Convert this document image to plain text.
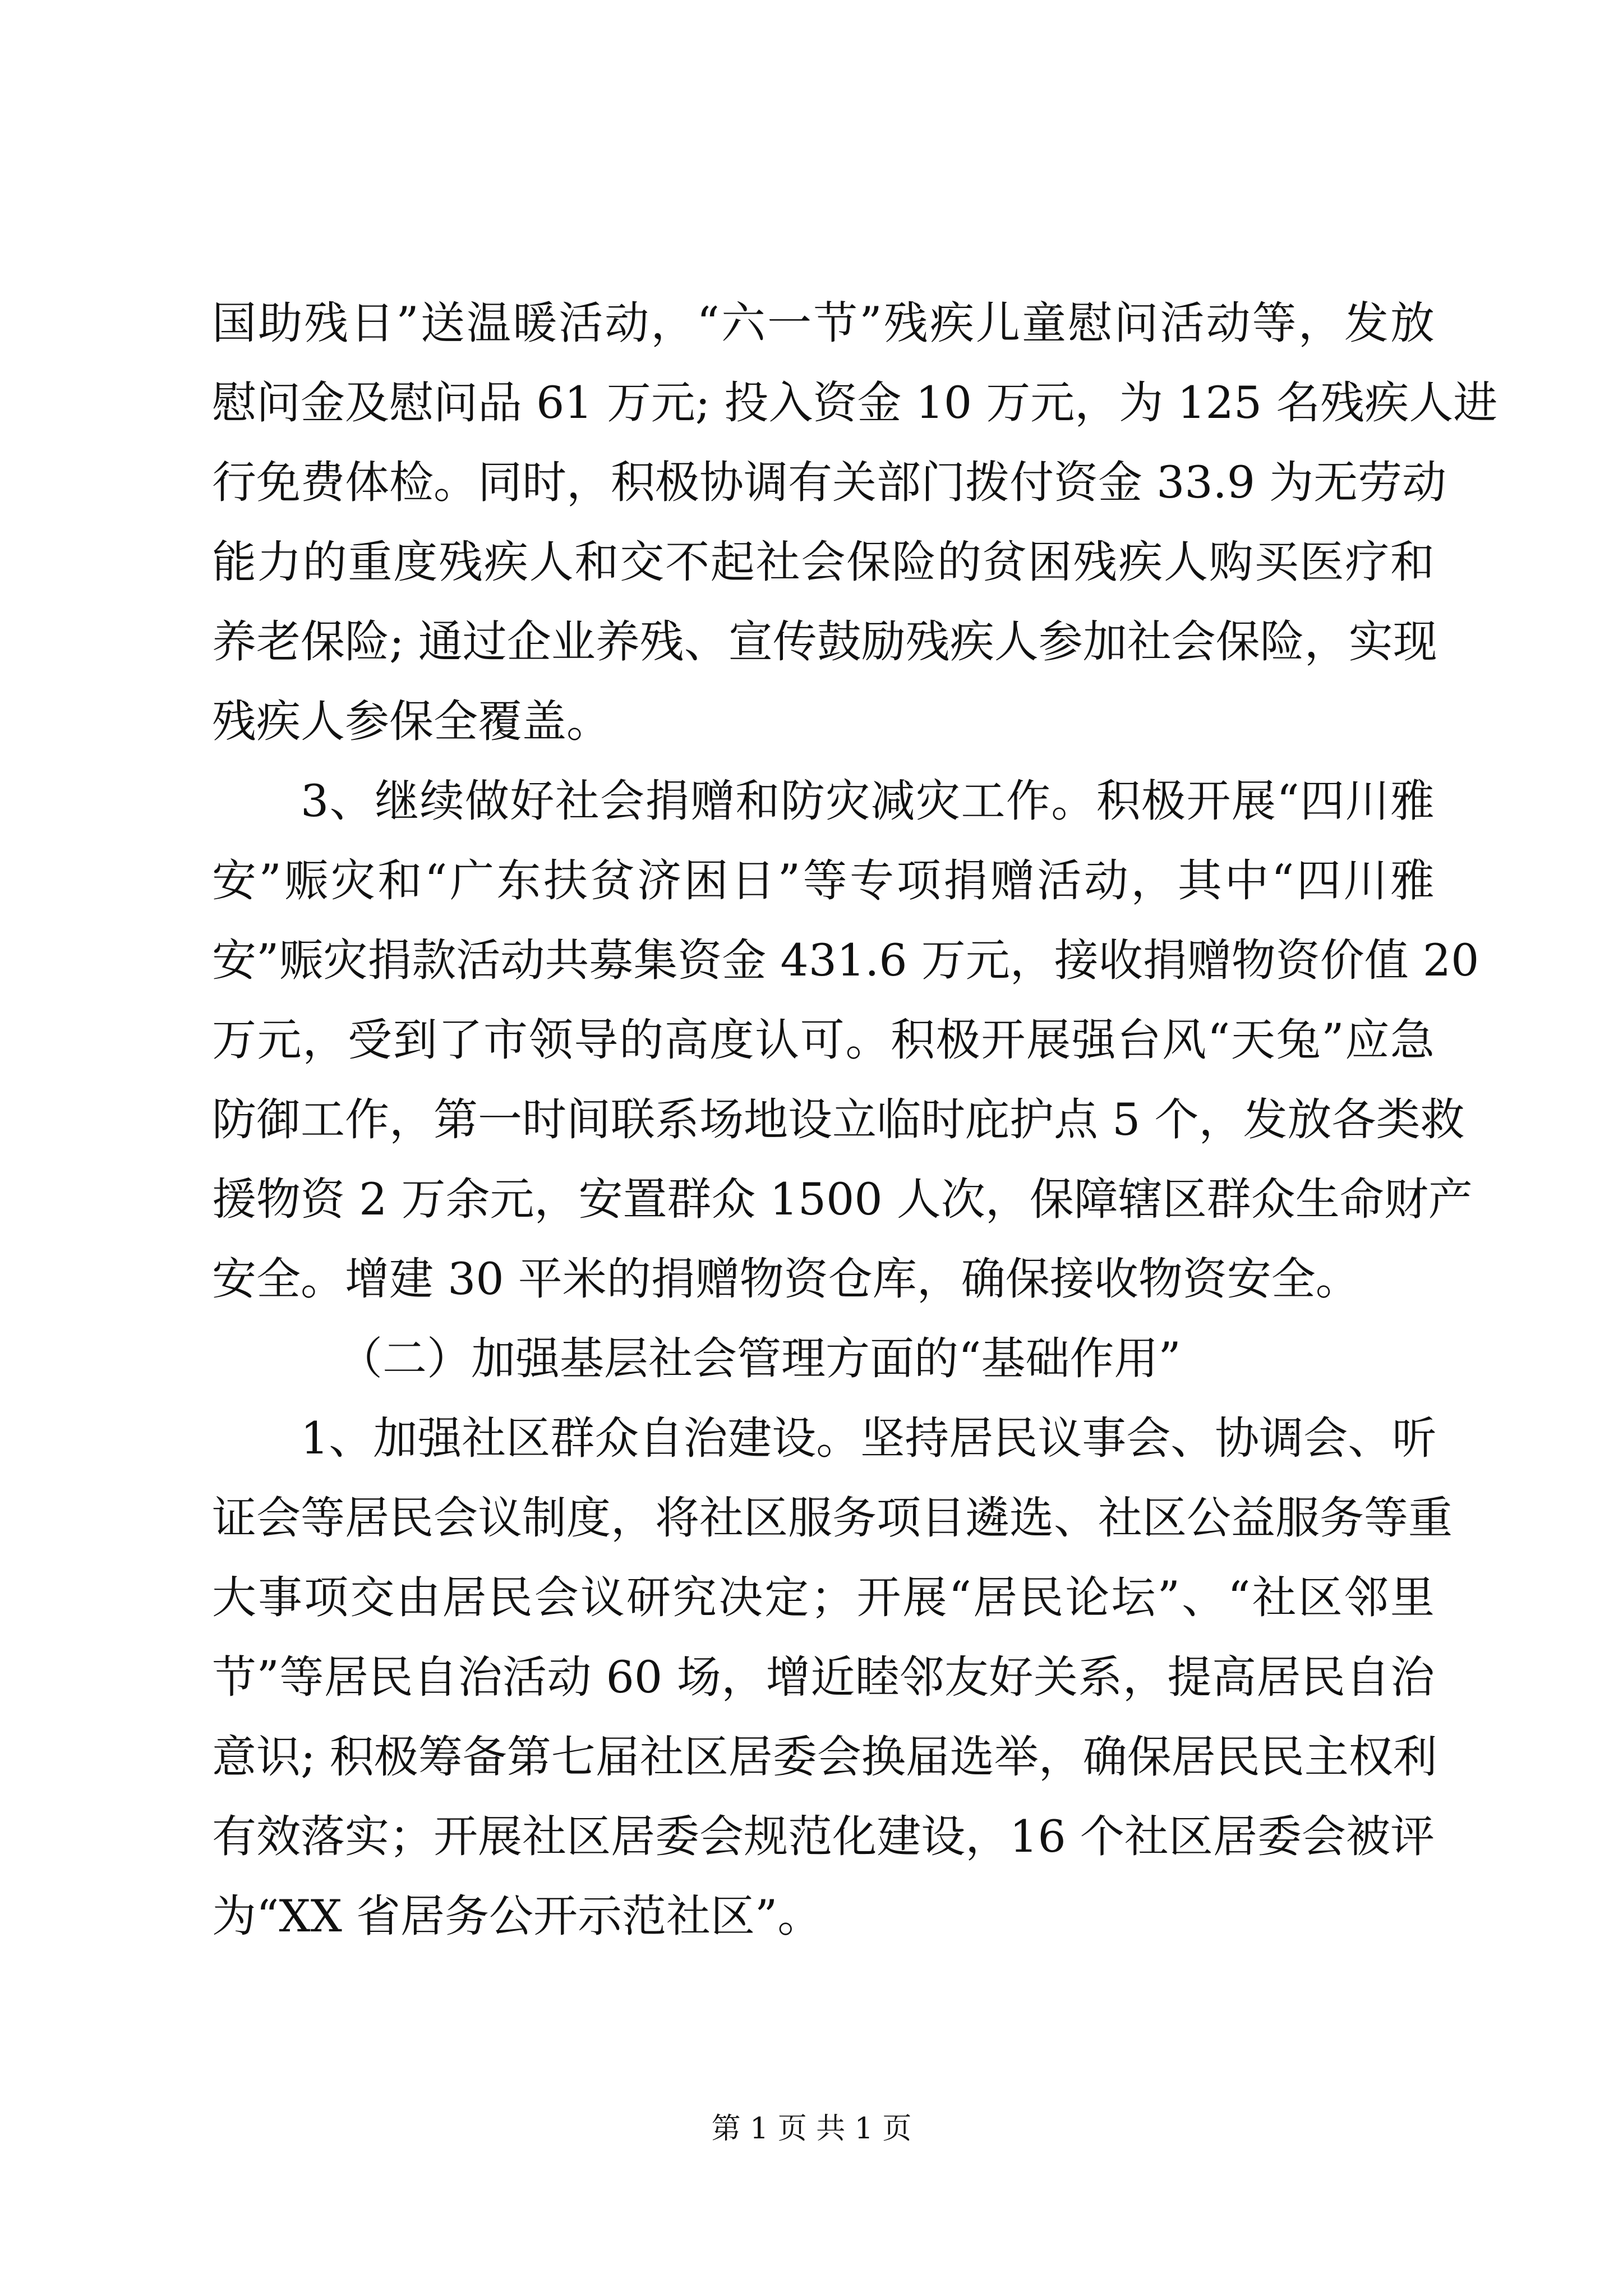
国助残日”送温暖活动，“六一节”残疾儿童慰问活动等，发放
慰问金及慰问品 61 万元; 投入资金 10 万元，为 125 名残疾人进
行免费体检。同时，积极协调有关部门拨付资金 33.9 为无劳动
能力的重度残疾人和交不起社会保险的贫困残疾人购买医疗和
养老保险; 通过企业养残、宣传鼓励残疾人参加社会保险，实现
残疾人参保全覆盖。
3、继续做好社会捐赠和防灾减灾工作。积极开展“四川雅
安”赈灾和“广东扶贫济困日”等专项捐赠活动，其中“四川雅
安”赈灾捐款活动共募集资金 431.6 万元，接收捐赠物资价值 20
万元，受到了市领导的高度认可。积极开展强台风“天兔”应急
防御工作，第一时间联系场地设立临时庇护点 5 个，发放各类救
援物资 2 万余元，安置群众 1500 人次，保障辖区群众生命财产
安全。增建 30 平米的捐赠物资仓库，确保接收物资安全。
（二）加强基层社会管理方面的“基础作用”
1、加强社区群众自治建设。坚持居民议事会、协调会、听
证会等居民会议制度，将社区服务项目遴选、社区公益服务等重
大事项交由居民会议研究决定；开展“居民论坛”、“社区邻里
节”等居民自治活动 60 场，增近睦邻友好关系，提高居民自治
意识; 积极筹备第七届社区居委会换届选举，确保居民民主权利
有效落实；开展社区居委会规范化建设，16 个社区居委会被评
为“XX 省居务公开示范社区”。
第 1 页 共 1 页
